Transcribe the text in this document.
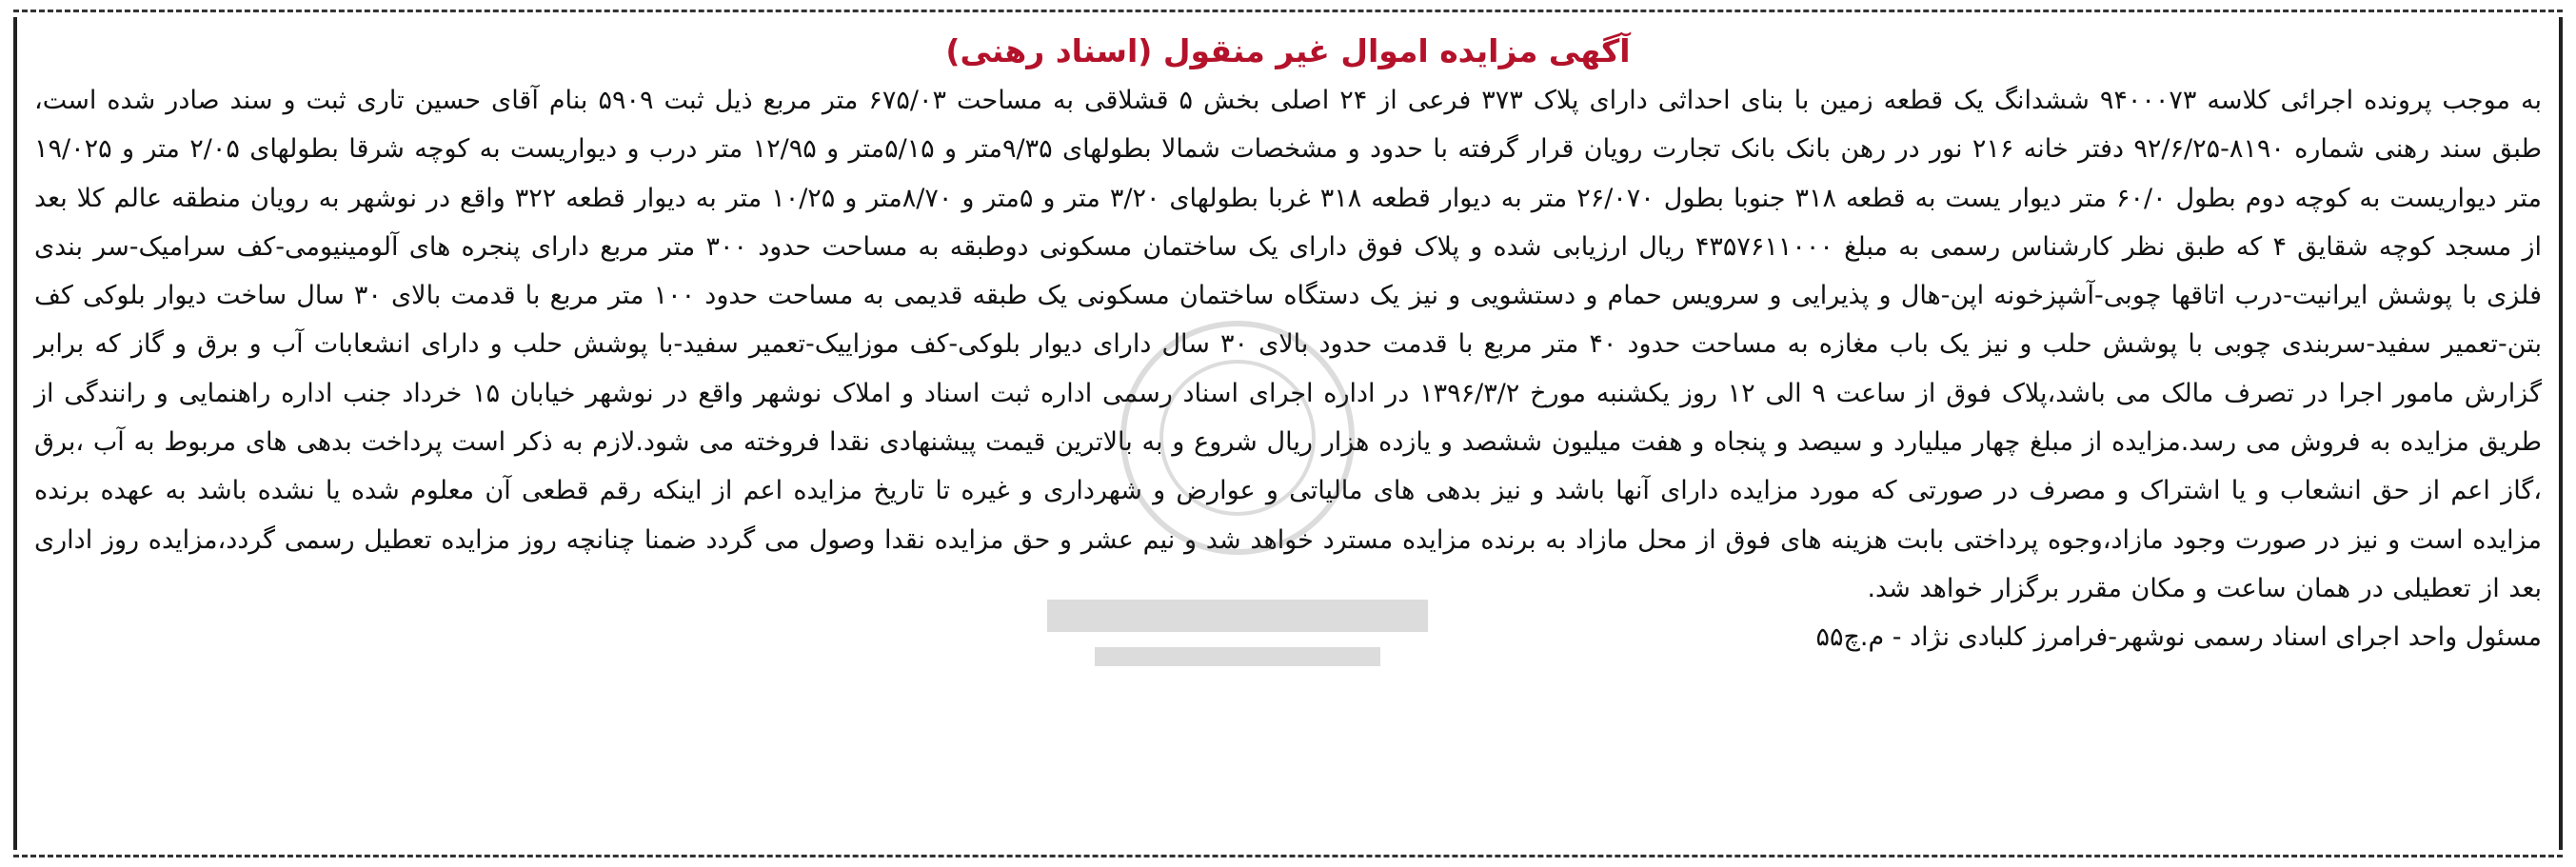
آگهی مزایده اموال غیر منقول (اسناد رهنی)

به موجب پرونده اجرائی کلاسه ۹۴۰۰۰۷۳ ششدانگ یک قطعه زمین با بنای احداثی دارای پلاک ۳۷۳ فرعی از ۲۴ اصلی بخش ۵ قشلاقی به مساحت ۶۷۵/۰۳ متر مربع ذیل ثبت ۵۹۰۹ بنام آقای حسین تاری ثبت و سند صادر شده است، طبق سند رهنی شماره ۸۱۹۰-۹۲/۶/۲۵ دفتر خانه ۲۱۶ نور در رهن بانک بانک تجارت رویان قرار گرفته با حدود و مشخصات شمالا بطولهای ۹/۳۵متر و ۵/۱۵متر و ۱۲/۹۵ متر درب و دیواریست به کوچه شرقا بطولهای ۲/۰۵ متر و ۱۹/۰۲۵ متر دیواریست به کوچه دوم بطول ۶۰/۰ متر دیوار یست به قطعه ۳۱۸ جنوبا بطول ۲۶/۰۷۰ متر به دیوار قطعه ۳۱۸ غربا بطولهای ۳/۲۰ متر و ۵متر و ۸/۷۰متر و ۱۰/۲۵ متر به دیوار قطعه ۳۲۲ واقع در نوشهر به رویان منطقه عالم کلا بعد از مسجد کوچه شقایق ۴ که طبق نظر کارشناس رسمی به مبلغ ۴۳۵۷۶۱۱۰۰۰ ریال ارزیابی شده و پلاک فوق دارای یک ساختمان مسکونی دوطبقه به مساحت حدود ۳۰۰ متر مربع دارای پنجره های آلومینیومی-کف سرامیک-سر بندی فلزی با پوشش ایرانیت-درب اتاقها چوبی-آشپزخونه اپن-هال و پذیرایی و سرویس حمام و دستشویی و نیز یک دستگاه ساختمان مسکونی یک طبقه قدیمی به مساحت حدود ۱۰۰ متر مربع با قدمت بالای ۳۰ سال ساخت دیوار بلوکی کف بتن-تعمیر سفید-سربندی چوبی با پوشش حلب و نیز یک باب مغازه به مساحت حدود ۴۰ متر مربع با قدمت حدود بالای ۳۰ سال دارای دیوار بلوکی-کف موزاییک-تعمیر سفید-با پوشش حلب و دارای انشعابات آب و برق و گاز که برابر گزارش مامور اجرا در تصرف مالک می باشد،پلاک فوق از ساعت ۹ الی ۱۲ روز یکشنبه مورخ ۱۳۹۶/۳/۲ در اداره اجرای اسناد رسمی اداره ثبت اسناد و املاک نوشهر واقع در نوشهر خیابان ۱۵ خرداد جنب اداره راهنمایی و رانندگی از طریق مزایده به فروش می رسد.مزایده از مبلغ چهار میلیارد و سیصد و پنجاه و هفت میلیون ششصد و یازده هزار ریال شروع و به بالاترین قیمت پیشنهادی نقدا فروخته می شود.لازم به ذکر است پرداخت بدهی های مربوط به آب ،برق ،گاز اعم از حق انشعاب و یا اشتراک و مصرف در صورتی که مورد مزایده دارای آنها باشد و نیز بدهی های مالیاتی و عوارض و شهرداری و غیره تا تاریخ مزایده اعم از اینکه رقم قطعی آن معلوم شده یا نشده باشد به عهده برنده مزایده است و نیز در صورت وجود مازاد،وجوه پرداختی بابت هزینه های فوق از محل مازاد به برنده مزایده مسترد خواهد شد و نیم عشر و حق مزایده نقدا وصول می گردد ضمنا چنانچه روز مزایده تعطیل رسمی گردد،مزایده روز اداری بعد از تعطیلی در همان ساعت و مکان مقرر برگزار خواهد شد.

مسئول واحد اجرای اسناد رسمی نوشهر-فرامرز کلبادی نژاد - م.چ۵۵
